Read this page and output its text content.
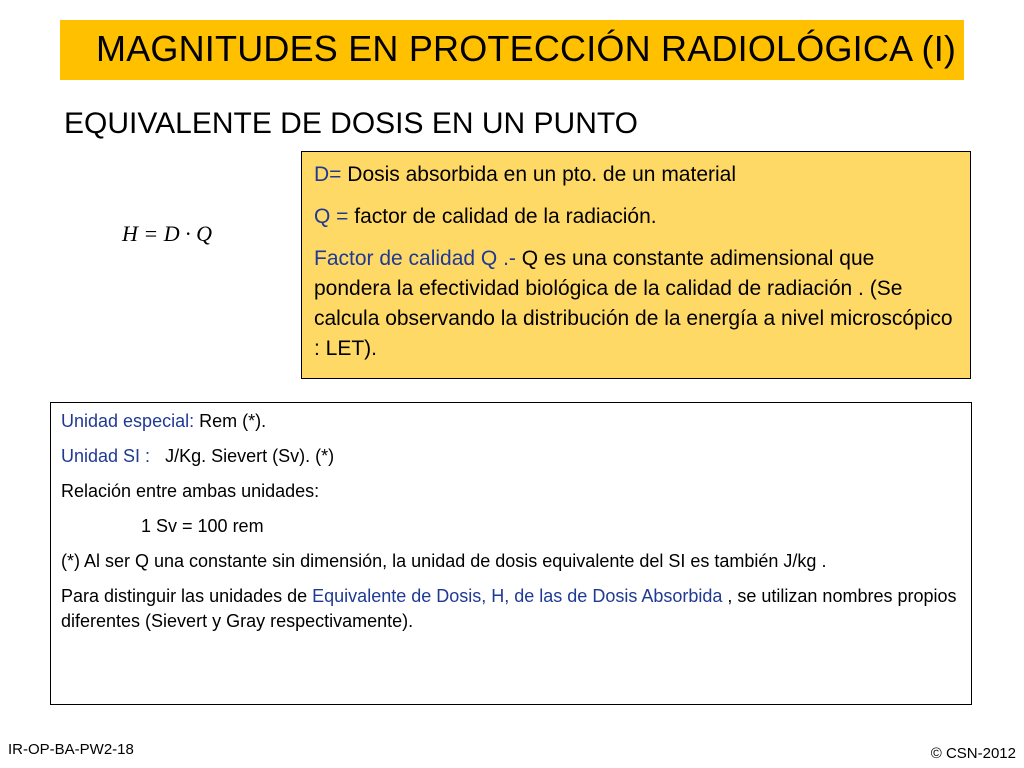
MAGNITUDES EN PROTECCIÓN RADIOLÓGICA (I)
EQUIVALENTE DE DOSIS EN UN PUNTO
H = D · Q

D= Dosis absorbida en un pto. de un material

Q = factor de calidad de la radiación.

Factor de calidad Q .- Q es una constante adimensional que pondera la efectividad biológica de la calidad de radiación . (Se calcula observando la distribución de la energía a nivel microscópico : LET).

Unidad especial: Rem (*).

Unidad SI :   J/Kg. Sievert (Sv). (*)

Relación entre ambas unidades:

1 Sv = 100 rem

(*) Al ser Q una constante sin dimensión, la unidad de dosis equivalente del SI es también J/kg .

Para distinguir las unidades de Equivalente de Dosis, H, de las de Dosis Absorbida , se utilizan nombres propios diferentes (Sievert y Gray respectivamente).

IR-OP-BA-PW2-18	© CSN-2012
